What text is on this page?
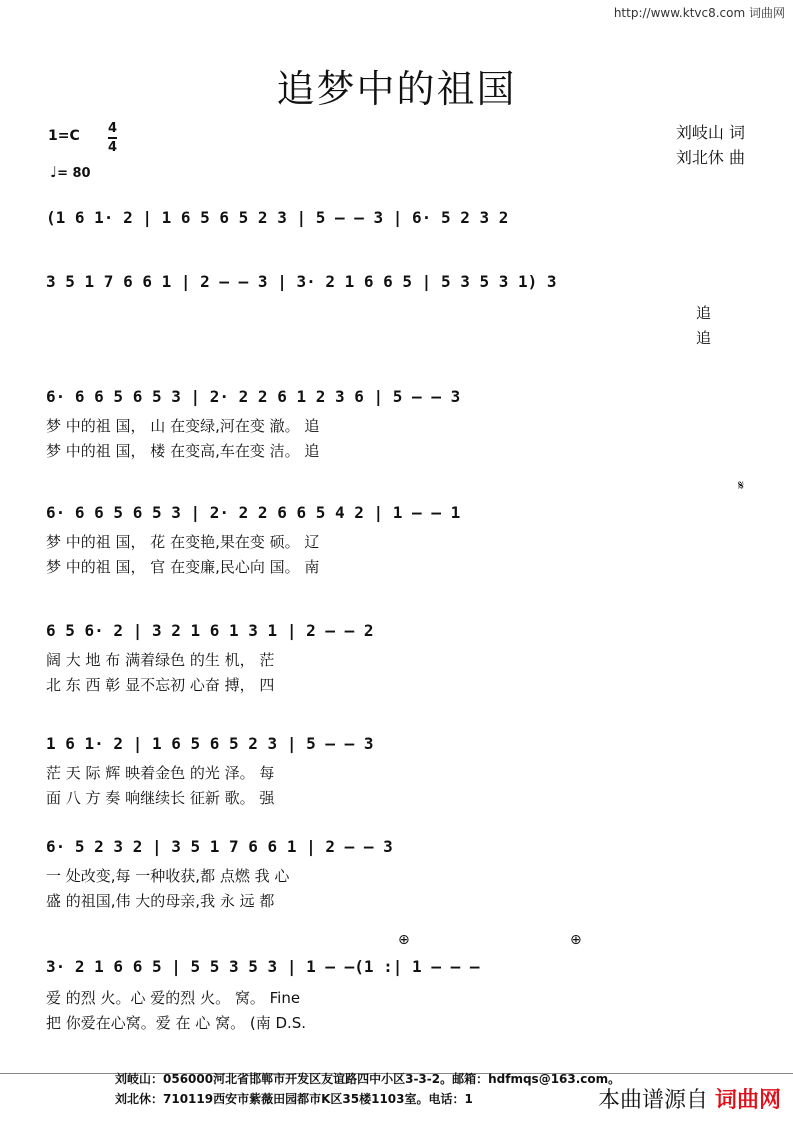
http://www.ktvc8.com 词曲网
追梦中的祖国
$1=C \frac{4}{4}$
♩= 80
刘岐山 词
刘北休 曲
(1 6 1· 2 | 1 6 5 6 5 2 3 | 5 — — 3 | 6· 5 2 3 2
3 5 1 7 6 6 1 | 2 — — 3 | 3· 2 1 6 6 5 | 5 3 5 3 1) 3
追
追
6· 6 6 5 6 5 3 | 2· 2 2 6 1 2 3 6 | 5 — — 3
梦 中的祖 国， 山 在变绿,河在变 澈。 追
梦 中的祖 国， 楼 在变高,车在变 洁。 追
6· 6 6 5 6 5 3 | 2· 2 2 6 6 5 4 2 | 1 — — 1
梦 中的祖 国， 花 在变艳,果在变 硕。 辽
梦 中的祖 国， 官 在变廉,民心向 国。 南
6 5 6· 2 | 3 2 1 6 1 3 1 | 2 — — 2
阔 大 地 布 满着绿色 的生 机， 茫
北 东 西 彰 显不忘初 心奋 搏， 四
1 6 1· 2 | 1 6 5 6 5 2 3 | 5 — — 3
茫 天 际 辉 映着金色 的光 泽。 每
面 八 方 奏 响继续长 征新 歌。 强
6· 5 2 3 2 | 3 5 1 7 6 6 1 | 2 — — 3
一 处改变,每 一种收获,都 点燃 我 心
盛 的祖国,伟 大的母亲,我 永 远 都
3· 2 1 6 6 5 | 5 5 3 5 3 | 1 — —(1 :| 1 — — —
爱 的烈 火。心 爱的烈 火。 窝。 Fine
把 你爱在心窝。爱 在 心 窝。 (南 D.S.
𝄋
⊕	⊕
刘岐山：056000河北省邯郸市开发区友谊路四中小区3-3-2。邮箱：hdfmqs@163.com。
刘北休：710119西安市紫薇田园都市K区35楼1103室。电话：1	本曲谱源自 词曲网
